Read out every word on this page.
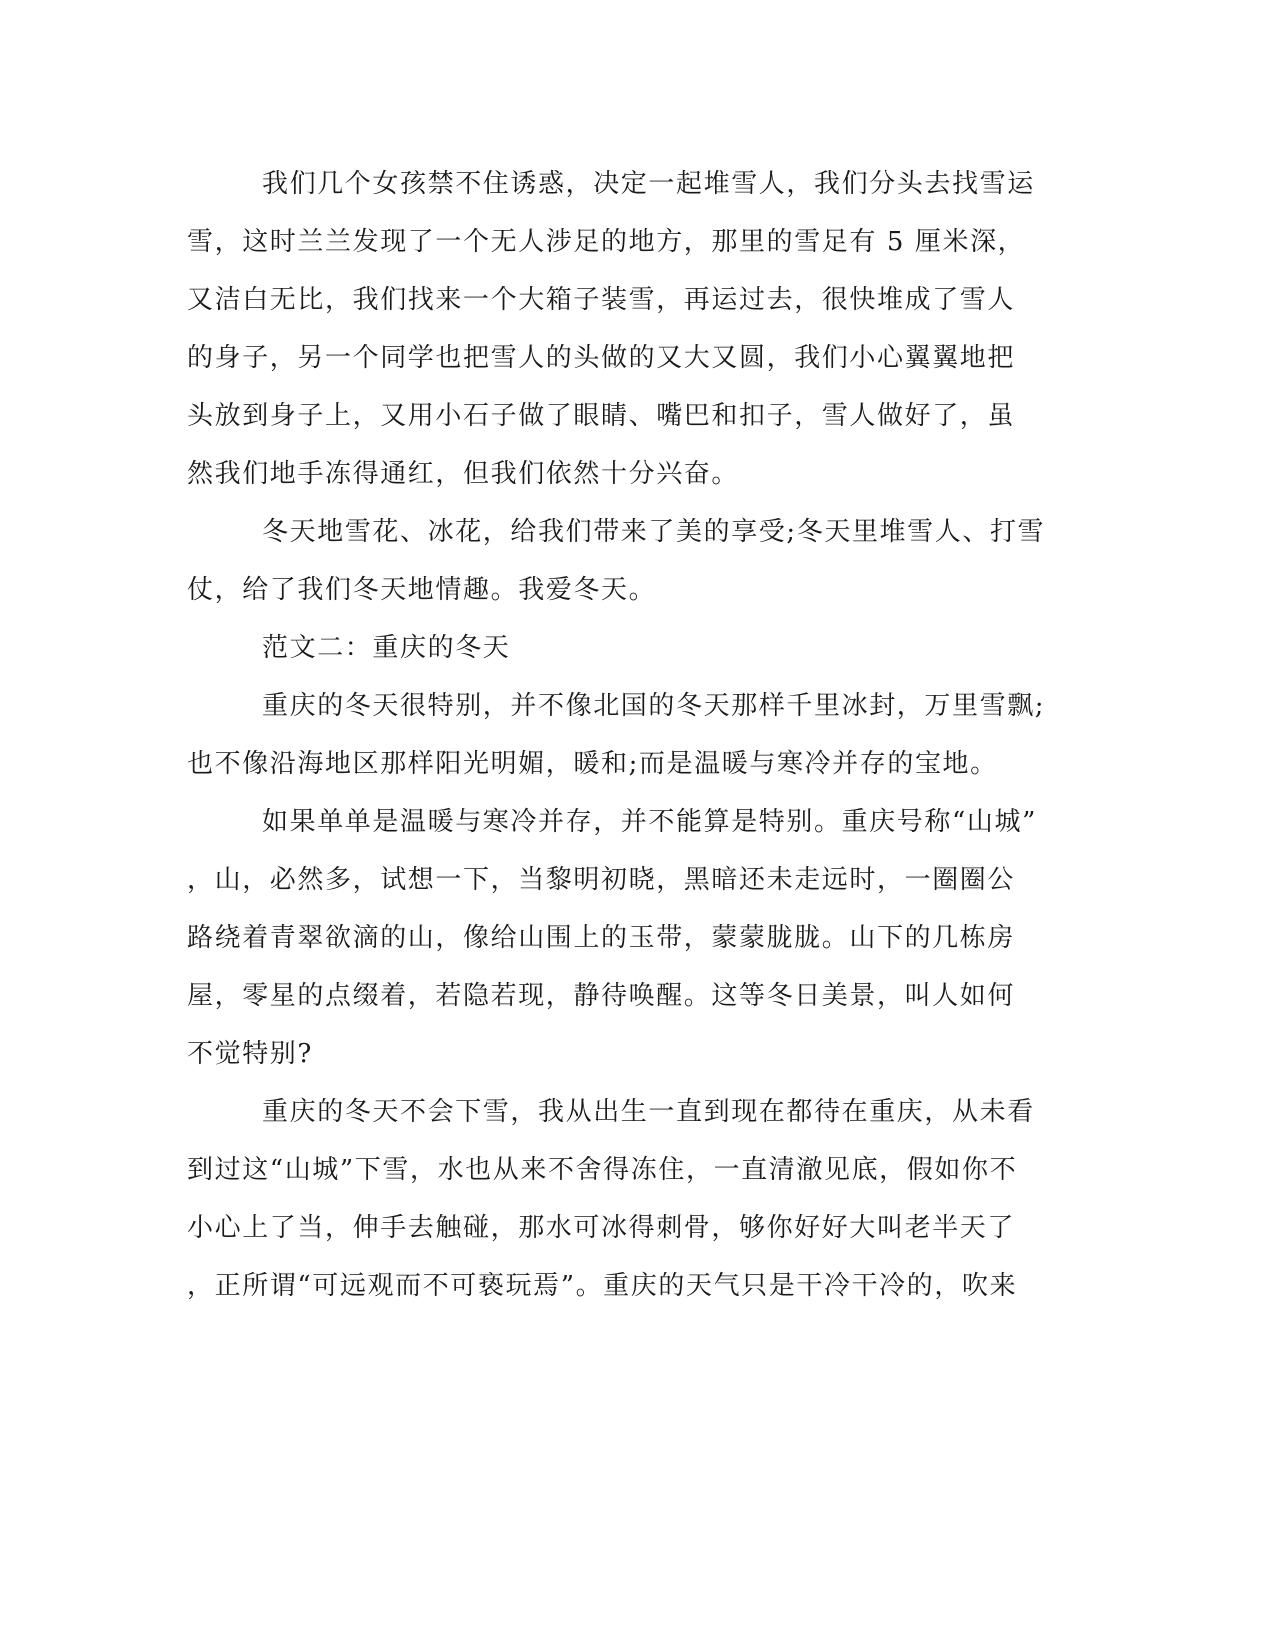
我们几个女孩禁不住诱惑，决定一起堆雪人，我们分头去找雪运
雪，这时兰兰发现了一个无人涉足的地方，那里的雪足有 5 厘米深，
又洁白无比，我们找来一个大箱子装雪，再运过去，很快堆成了雪人
的身子，另一个同学也把雪人的头做的又大又圆，我们小心翼翼地把
头放到身子上，又用小石子做了眼睛、嘴巴和扣子，雪人做好了，虽
然我们地手冻得通红，但我们依然十分兴奋。
冬天地雪花、冰花，给我们带来了美的享受;冬天里堆雪人、打雪
仗，给了我们冬天地情趣。我爱冬天。
范文二：重庆的冬天
重庆的冬天很特别，并不像北国的冬天那样千里冰封，万里雪飘;
也不像沿海地区那样阳光明媚，暖和;而是温暖与寒冷并存的宝地。
如果单单是温暖与寒冷并存，并不能算是特别。重庆号称“山城”
，山，必然多，试想一下，当黎明初晓，黑暗还未走远时，一圈圈公
路绕着青翠欲滴的山，像给山围上的玉带，蒙蒙胧胧。山下的几栋房
屋，零星的点缀着，若隐若现，静待唤醒。这等冬日美景，叫人如何
不觉特别?
重庆的冬天不会下雪，我从出生一直到现在都待在重庆，从未看
到过这“山城”下雪，水也从来不舍得冻住，一直清澈见底，假如你不
小心上了当，伸手去触碰，那水可冰得刺骨，够你好好大叫老半天了
，正所谓“可远观而不可亵玩焉”。重庆的天气只是干冷干冷的，吹来
